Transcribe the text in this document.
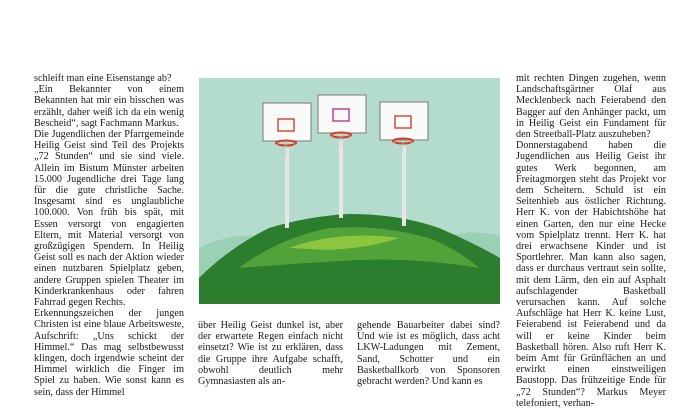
schleift man eine Eisenstange ab?

„Ein Bekannter von einem Bekannten hat mir ein bisschen was erzählt, daher weiß ich da ein wenig Bescheid“, sagt Fachmann Markus.

Die Jugendlichen der Pfarrgemeinde Heilig Geist sind Teil des Projekts „72 Stunden“ und sie sind viele. Allein im Bistum Münster arbeiten 15.000 Jugendliche drei Tage lang für die gute christliche Sache. Insgesamt sind es unglaubliche 100.000. Von früh bis spät, mit Essen versorgt von engagierten Eltern, mit Material versorgt von großzügigen Spendern. In Heilig Geist soll es nach der Aktion wieder einen nutzbaren Spielplatz geben, andere Gruppen spielen Theater im Kinderkrankenhaus oder fahren Fahrrad gegen Rechts.

Erkennungszeichen der jungen Christen ist eine blaue Arbeitsweste, Aufschrift: „Uns schickt der Himmel.“ Das mag selbstbewusst klingen, doch irgendwie scheint der Himmel wirklich die Finger im Spiel zu haben. Wie sonst kann es sein, dass der Himmel

über Heilig Geist dunkel ist, aber der erwartete Regen einfach nicht einsetzt? Wie ist zu erklären, dass die Gruppe ihre Aufgabe schafft, obwohl deutlich mehr Gymnasiasten als an-

gehende Bauarbeiter dabei sind? Und wie ist es möglich, dass acht LKW-Ladungen mit Zement, Sand, Schotter und ein Basketballkorb von Sponsoren gebracht werden? Und kann es

mit rechten Dingen zugehen, wenn Landschaftsgärtner Olaf aus Mecklenbeck nach Feierabend den Bagger auf den Anhänger packt, um in Heilig Geist ein Fundament für den Streetball-Platz auszuheben?

Donnerstagabend haben die Jugendlichen aus Heilig Geist ihr gutes Werk begonnen, am Freitagmorgen steht das Projekt vor dem Scheitern. Schuld ist ein Seitenhieb aus östlicher Richtung. Herr K. von der Habichtshöhe hat einen Garten, den nur eine Hecke vom Spielplatz trennt. Herr K. hat drei erwachsene Kinder und ist Sportlehrer. Man kann also sagen, dass er durchaus vertraut sein sollte, mit dem Lärm, den ein auf Asphalt aufschlagender Basketball verursachen kann. Auf solche Aufschläge hat Herr K. keine Lust, Feierabend ist Feierabend und da will er keine Kinder beim Basketball hören. Also ruft Herr K. beim Amt für Grünflächen an und erwirkt einen einstweiligen Baustopp. Das frühzeitige Ende für „72 Stunden“? Markus Meyer telefoniert, verhan-
